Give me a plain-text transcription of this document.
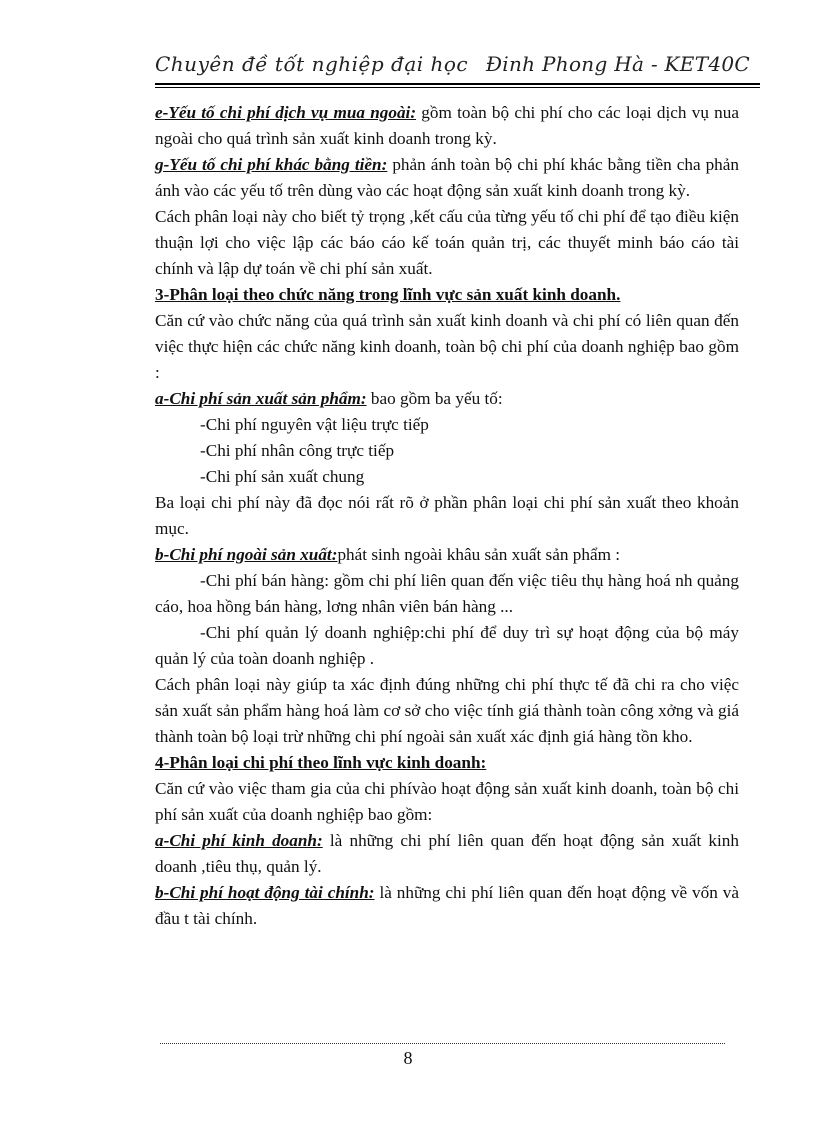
Chuyên đề tốt nghiệp đại học Đinh Phong Hà - KET40C

e-Yếu tố chi phí dịch vụ mua ngoài: gồm toàn bộ chi phí cho các loại dịch vụ nua ngoài cho quá trình sản xuất kinh doanh trong kỳ.

g-Yếu tố chi phí khác bằng tiền: phản ánh toàn bộ chi phí khác bằng tiền cha phản ánh vào các yếu tố trên dùng vào các hoạt động sản xuất kinh doanh trong kỳ.

Cách phân loại này cho biết tỷ trọng ,kết cấu của từng yếu tố chi phí để tạo điều kiện thuận lợi cho việc lập các báo cáo kế toán quản trị, các thuyết minh báo cáo tài chính và lập dự toán về chi phí sản xuất.

3-Phân loại theo chức năng trong lĩnh vực sản xuất kinh doanh.

Căn cứ vào chức năng của quá trình sản xuất kinh doanh và chi phí có liên quan đến việc thực hiện các chức năng kinh doanh, toàn bộ chi phí của doanh nghiệp bao gồm :

a-Chi phí sản xuất sản phẩm: bao gồm ba yếu tố:

-Chi phí nguyên vật liệu trực tiếp

-Chi phí nhân công trực tiếp

-Chi phí sản xuất chung

Ba loại chi phí này đã đọc nói rất rõ ở phần phân loại chi phí sản xuất theo khoản mục.

b-Chi phí ngoài sản xuất:phát sinh ngoài khâu sản xuất sản phẩm :

-Chi phí bán hàng: gồm chi phí liên quan đến việc tiêu thụ hàng hoá nh quảng cáo, hoa hồng bán hàng, lơng nhân viên bán hàng ...

-Chi phí quản lý doanh nghiệp:chi phí để duy trì sự hoạt động của bộ máy quản lý của toàn doanh nghiệp .

Cách phân loại này giúp ta xác định đúng những chi phí thực tế đã chi ra cho việc sản xuất sản phẩm hàng hoá làm cơ sở cho việc tính giá thành toàn công xởng và giá thành toàn bộ loại trừ những chi phí ngoài sản xuất xác định giá hàng tồn kho.

4-Phân loại chi phí theo lĩnh vực kinh doanh:

Căn cứ vào việc tham gia của chi phívào hoạt động sản xuất kinh doanh, toàn bộ chi phí sản xuất của doanh nghiệp bao gồm:

a-Chi phí kinh doanh: là những chi phí liên quan đến hoạt động sản xuất kinh doanh ,tiêu thụ, quản lý.

b-Chi phí hoạt động tài chính: là những chi phí liên quan đến hoạt động về vốn và đầu t tài chính.

8
